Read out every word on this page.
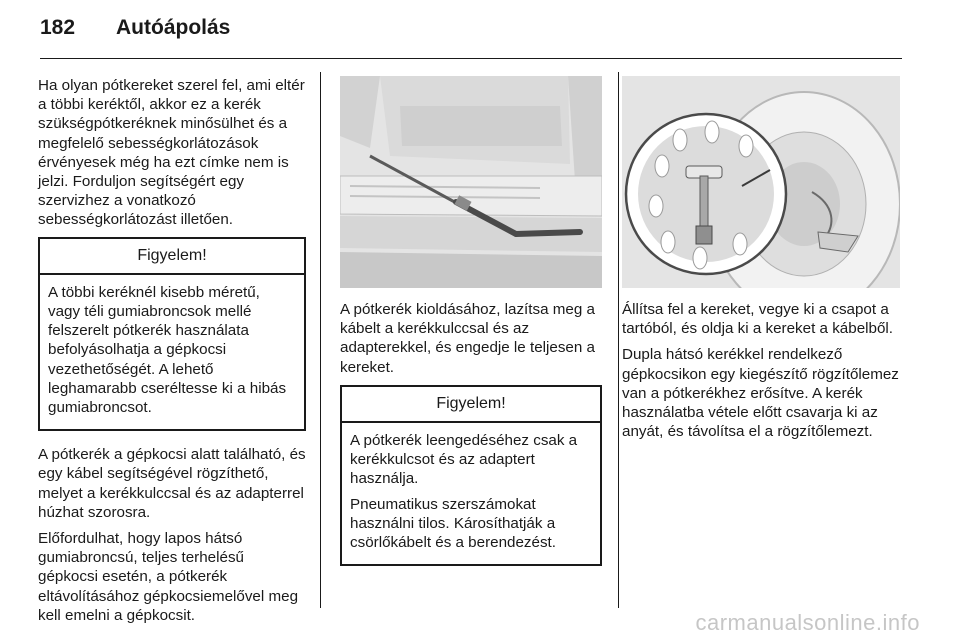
182 Autóápolás

Ha olyan pótkereket szerel fel, ami eltér a többi keréktől, akkor ez a kerék szükségpótkeréknek minősülhet és a megfelelő sebességkorlátozások érvényesek még ha ezt címke nem is jelzi. Forduljon segítségért egy szervizhez a vonatkozó sebességkorlátozást illetően.

Figyelem!

A többi keréknél kisebb méretű, vagy téli gumiabroncsok mellé felszerelt pótkerék használata befolyásolhatja a gépkocsi vezethetőségét. A lehető leghamarabb cseréltesse ki a hibás gumiabroncsot.

A pótkerék a gépkocsi alatt található, és egy kábel segítségével rögzíthető, melyet a kerékkulccsal és az adapterrel húzhat szorosra.

Előfordulhat, hogy lapos hátsó gumiabroncsú, teljes terhelésű gépkocsi esetén, a pótkerék eltávolításához gépkocsiemelővel meg kell emelni a gépkocsit.

A pótkerék kioldásához, lazítsa meg a kábelt a kerékkulccsal és az adapterekkel, és engedje le teljesen a kereket.

Figyelem!

A pótkerék leengedéséhez csak a kerékkulcsot és az adaptert használja.

Pneumatikus szerszámokat használni tilos. Károsíthatják a csörlőkábelt és a berendezést.

Állítsa fel a kereket, vegye ki a csapot a tartóból, és oldja ki a kereket a kábelből.

Dupla hátsó kerékkel rendelkező gépkocsikon egy kiegészítő rögzítőlemez van a pótkerékhez erősítve. A kerék használatba vétele előtt csavarja ki az anyát, és távolítsa el a rögzítőlemezt.

carmanualsonline.info
